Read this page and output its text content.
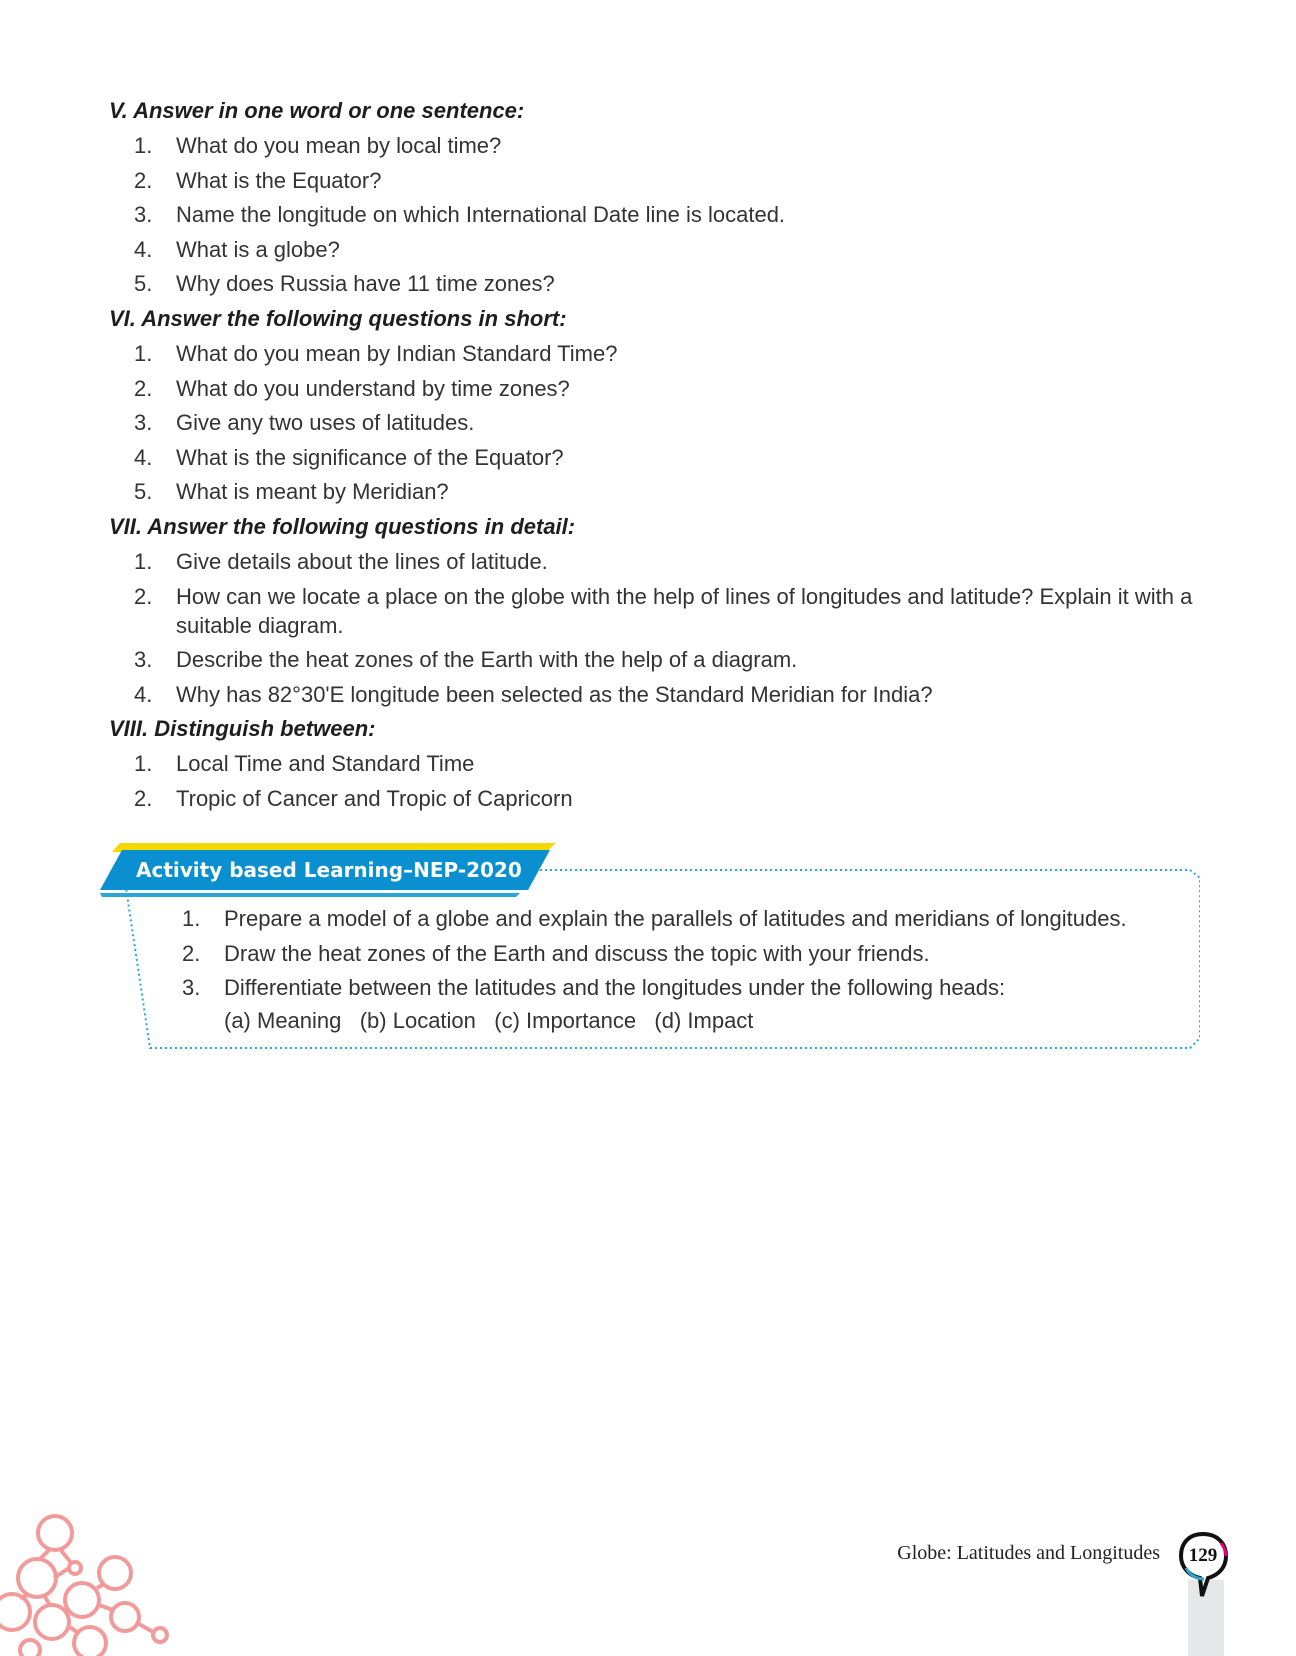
V. Answer in one word or one sentence:
1.	What do you mean by local time?
2.	What is the Equator?
3.	Name the longitude on which International Date line is located.
4.	What is a globe?
5.	Why does Russia have 11 time zones?
VI. Answer the following questions in short:
1.	What do you mean by Indian Standard Time?
2.	What do you understand by time zones?
3.	Give any two uses of latitudes.
4.	What is the significance of the Equator?
5.	What is meant by Meridian?
VII. Answer the following questions in detail:
1.	Give details about the lines of latitude.
2.	How can we locate a place on the globe with the help of lines of longitudes and latitude? Explain it with a suitable diagram.
3.	Describe the heat zones of the Earth with the help of a diagram.
4.	Why has 82°30'E longitude been selected as the Standard Meridian for India?
VIII. Distinguish between:
1.	Local Time and Standard Time
2.	Tropic of Cancer and Tropic of Capricorn
Activity based Learning–NEP-2020
1.	Prepare a model of a globe and explain the parallels of latitudes and meridians of longitudes.
2.	Draw the heat zones of the Earth and discuss the topic with your friends.
3.	Differentiate between the latitudes and the longitudes under the following heads:
(a) Meaning   (b) Location   (c) Importance   (d) Impact
Globe: Latitudes and Longitudes	129
